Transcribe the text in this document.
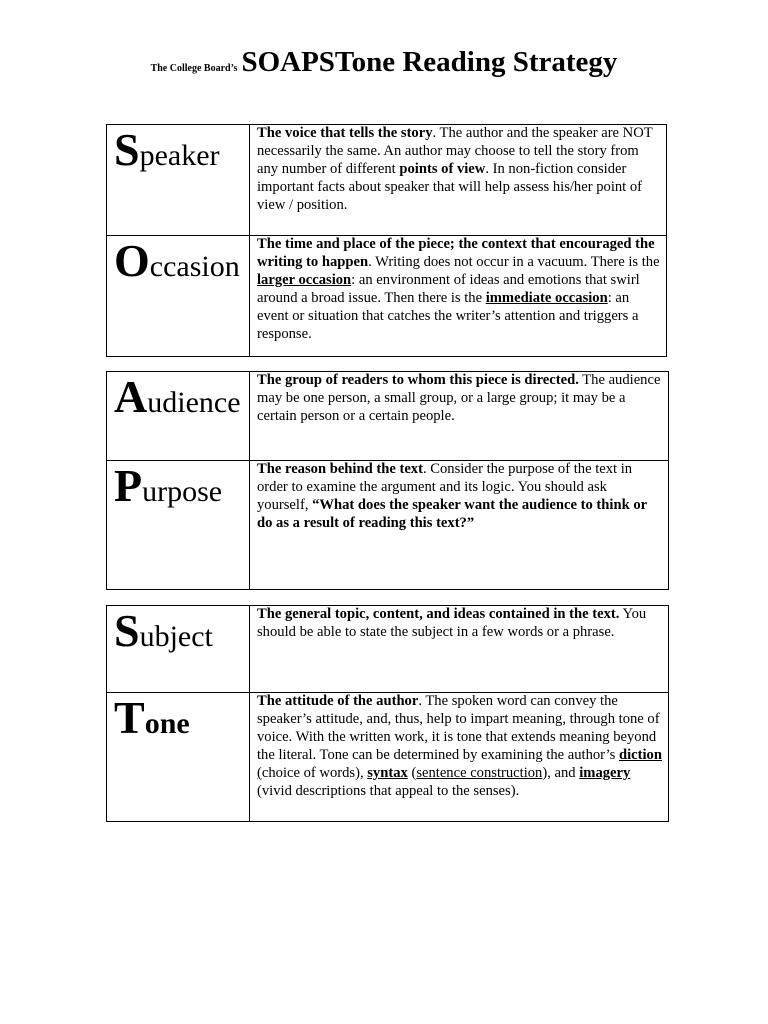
The College Board’s SOAPSTone Reading Strategy
Speaker	The voice that tells the story. The author and the speaker are NOT necessarily the same. An author may choose to tell the story from any number of different points of view. In non-fiction consider important facts about speaker that will help assess his/her point of view / position.

Occasion	The time and place of the piece; the context that encouraged the writing to happen. Writing does not occur in a vacuum. There is the larger occasion: an environment of ideas and emotions that swirl around a broad issue. Then there is the immediate occasion: an event or situation that catches the writer’s attention and triggers a response.
Audience	The group of readers to whom this piece is directed. The audience may be one person, a small group, or a large group; it may be a certain person or a certain people.

Purpose	The reason behind the text. Consider the purpose of the text in order to examine the argument and its logic. You should ask yourself, “What does the speaker want the audience to think or do as a result of reading this text?”
Subject	The general topic, content, and ideas contained in the text. You should be able to state the subject in a few words or a phrase.

Tone	The attitude of the author. The spoken word can convey the speaker’s attitude, and, thus, help to impart meaning, through tone of voice. With the written work, it is tone that extends meaning beyond the literal. Tone can be determined by examining the author’s diction (choice of words), syntax (sentence construction), and imagery (vivid descriptions that appeal to the senses).
